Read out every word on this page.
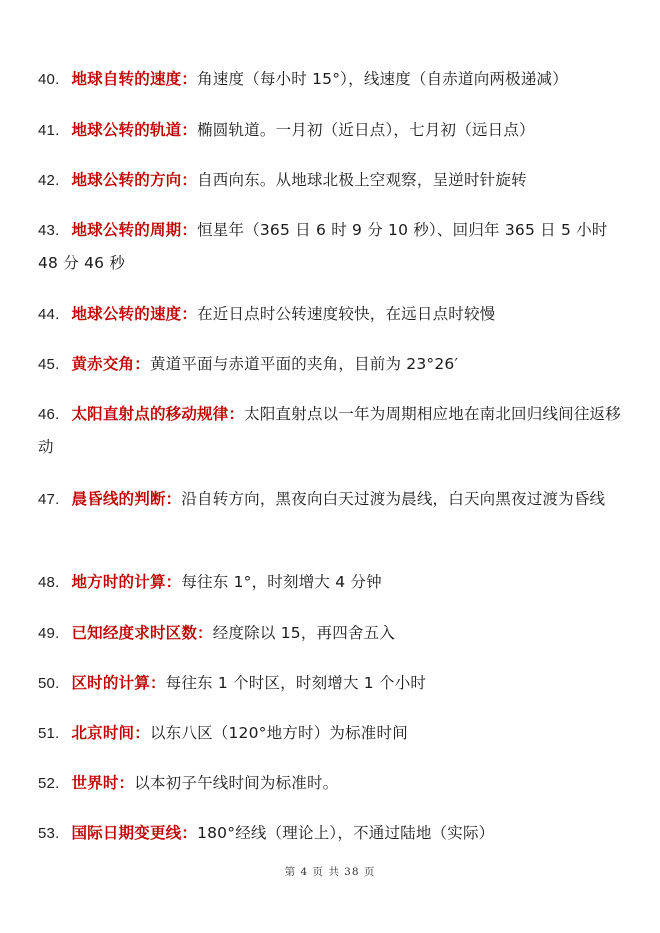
40. 地球自转的速度：角速度（每小时 15°），线速度（自赤道向两极递减）
41. 地球公转的轨道：椭圆轨道。一月初（近日点），七月初（远日点）
42. 地球公转的方向：自西向东。从地球北极上空观察，呈逆时针旋转
43. 地球公转的周期：恒星年（365 日 6 时 9 分 10 秒）、回归年 365 日 5 小时 48 分 46 秒
44. 地球公转的速度：在近日点时公转速度较快，在远日点时较慢
45. 黄赤交角：黄道平面与赤道平面的夹角，目前为 23°26′
46. 太阳直射点的移动规律：太阳直射点以一年为周期相应地在南北回归线间往返移动
47. 晨昏线的判断：沿自转方向，黑夜向白天过渡为晨线，白天向黑夜过渡为昏线
48. 地方时的计算：每往东 1°，时刻增大 4 分钟
49. 已知经度求时区数：经度除以 15，再四舍五入
50. 区时的计算：每往东 1 个时区，时刻增大 1 个小时
51. 北京时间：以东八区（120°地方时）为标准时间
52. 世界时：以本初子午线时间为标准时。
53. 国际日期变更线：180°经线（理论上），不通过陆地（实际）
第 4 页 共 38 页
